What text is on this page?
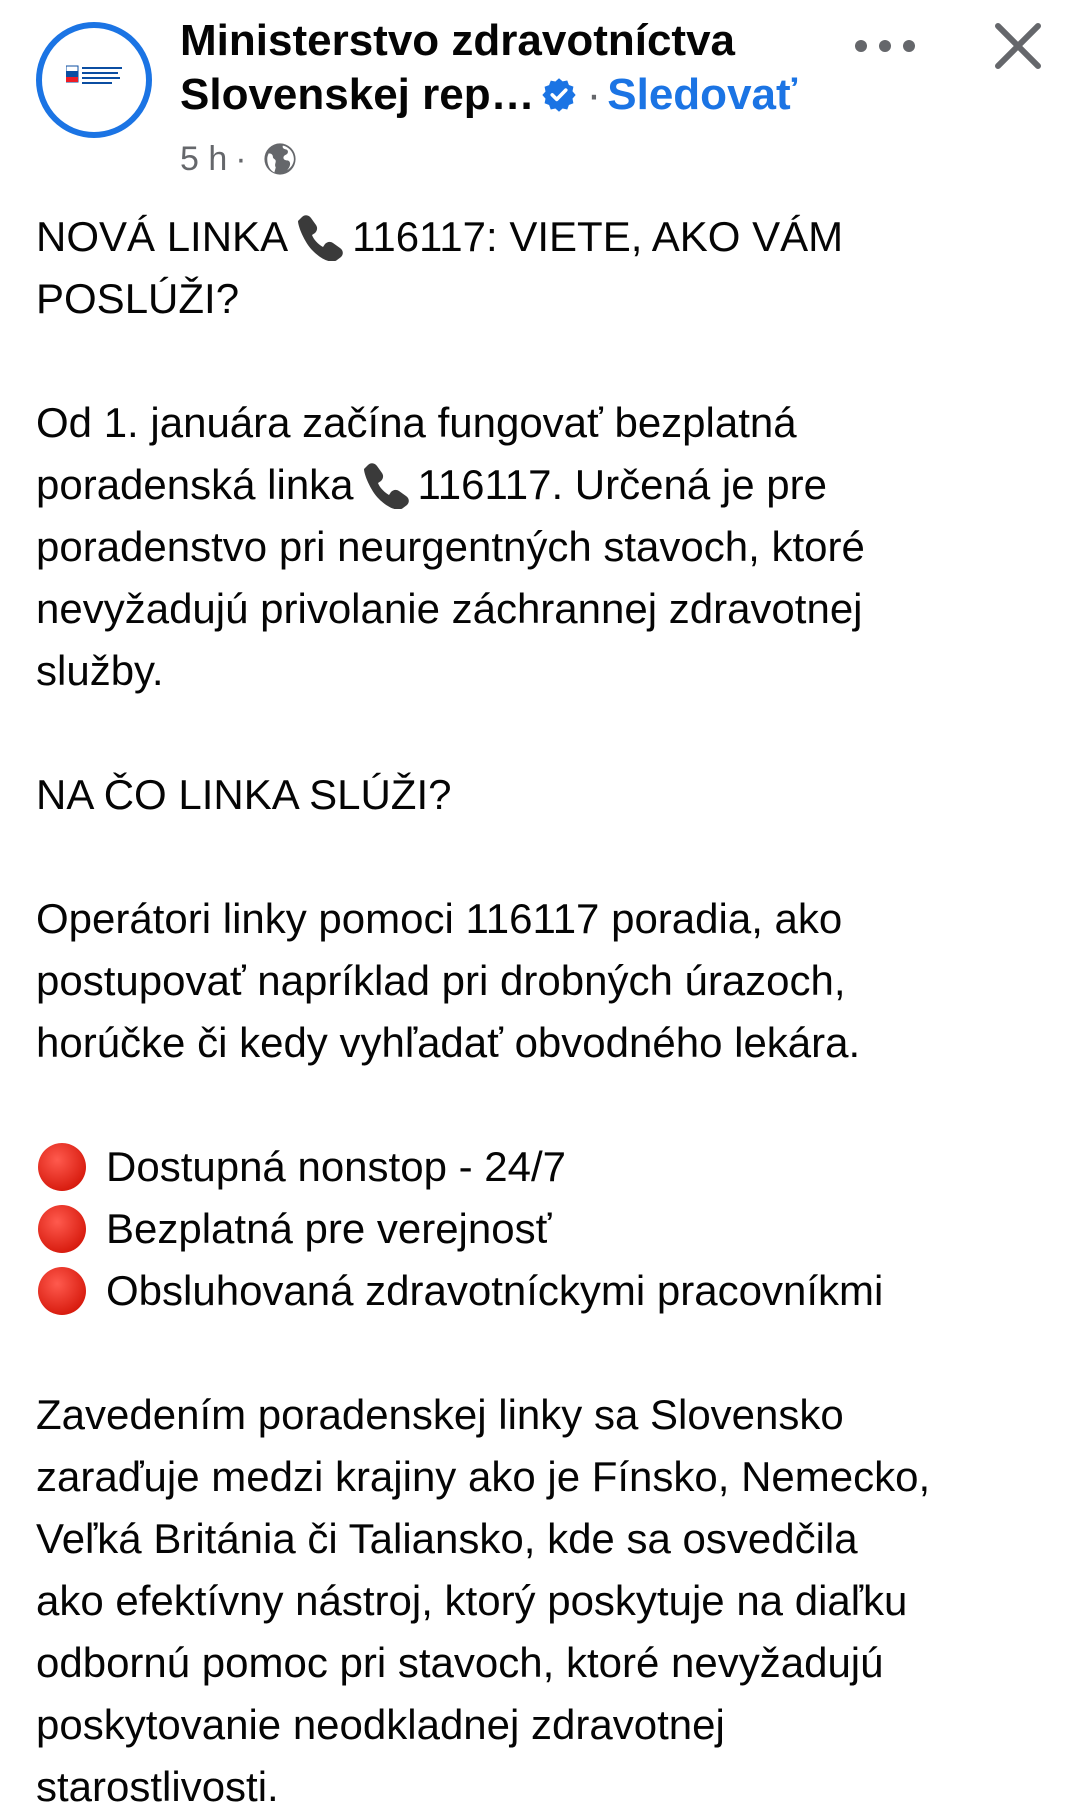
Ministerstvo zdravotníctva
Slovenskej rep… · Sledovať
5 h ·
NOVÁ LINKA 116117: VIETE, AKO VÁM
POSLÚŽI?
Od 1. januára začína fungovať bezplatná
poradenská linka 116117. Určená je pre
poradenstvo pri neurgentných stavoch, ktoré
nevyžadujú privolanie záchrannej zdravotnej
služby.
NA ČO LINKA SLÚŽI?
Operátori linky pomoci 116117 poradia, ako
postupovať napríklad pri drobných úrazoch,
horúčke či kedy vyhľadať obvodného lekára.
Dostupná nonstop - 24/7
Bezplatná pre verejnosť
Obsluhovaná zdravotníckymi pracovníkmi
Zavedením poradenskej linky sa Slovensko
zaraďuje medzi krajiny ako je Fínsko, Nemecko,
Veľká Británia či Taliansko, kde sa osvedčila
ako efektívny nástroj, ktorý poskytuje na diaľku
odbornú pomoc pri stavoch, ktoré nevyžadujú
poskytovanie neodkladnej zdravotnej
starostlivosti.
